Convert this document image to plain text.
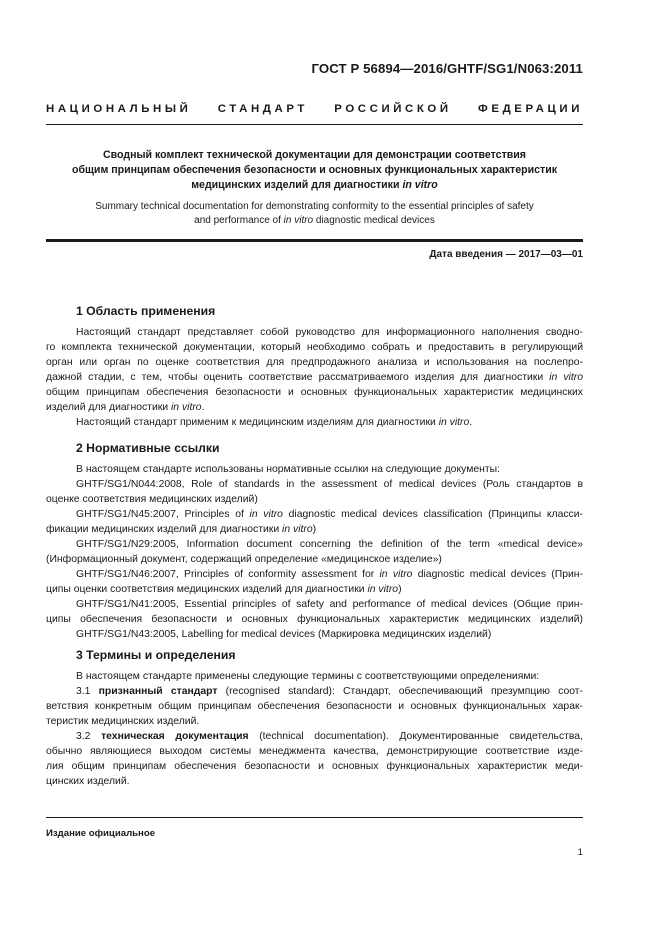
ГОСТ Р 56894—2016/GHTF/SG1/N063:2011
НАЦИОНАЛЬНЫЙ СТАНДАРТ РОССИЙСКОЙ ФЕДЕРАЦИИ
Сводный комплект технической документации для демонстрации соответствия
общим принципам обеспечения безопасности и основных функциональных характеристик
медицинских изделий для диагностики in vitro
Summary technical documentation for demonstrating conformity to the essential principles of safety
and performance of in vitro diagnostic medical devices
Дата введения — 2017—03—01
1 Область применения
Настоящий стандарт представляет собой руководство для информационного наполнения сводно-
го комплекта технической документации, который необходимо собрать и предоставить в регулирующий
орган или орган по оценке соответствия для предпродажного анализа и использования на послепро-
дажной стадии, с тем, чтобы оценить соответствие рассматриваемого изделия для диагностики in vitro
общим принципам обеспечения безопасности и основных функциональных характеристик медицинских
изделий для диагностики in vitro.
Настоящий стандарт применим к медицинским изделиям для диагностики in vitro.
2 Нормативные ссылки
В настоящем стандарте использованы нормативные ссылки на следующие документы:
GHTF/SG1/N044:2008, Role of standards in the assessment of medical devices (Роль стандартов в
оценке соответствия медицинских изделий)
GHTF/SG1/N45:2007, Principles of in vitro diagnostic medical devices classification (Принципы класси-
фикации медицинских изделий для диагностики in vitro)
GHTF/SG1/N29:2005, Information document concerning the definition of the term «medical device»
(Информационный документ, содержащий определение «медицинское изделие»)
GHTF/SG1/N46:2007, Principles of conformity assessment for in vitro diagnostic medical devices (Прин-
ципы оценки соответствия медицинских изделий для диагностики in vitro)
GHTF/SG1/N41:2005, Essential principles of safety and performance of medical devices (Общие прин-
ципы обеспечения безопасности и основных функциональных характеристик медицинских изделий)
GHTF/SG1/N43:2005, Labelling for medical devices (Маркировка медицинских изделий)
3 Термины и определения
В настоящем стандарте применены следующие термины с соответствующими определениями:
3.1 признанный стандарт (recognised standard): Стандарт, обеспечивающий презумпцию соот-
ветствия конкретным общим принципам обеспечения безопасности и основных функциональных харак-
теристик медицинских изделий.
3.2 техническая документация (technical documentation). Документированные свидетельства,
обычно являющиеся выходом системы менеджмента качества, демонстрирующие соответствие изде-
лия общим принципам обеспечения безопасности и основных функциональных характеристик меди-
цинских изделий.
Издание официальное
1
